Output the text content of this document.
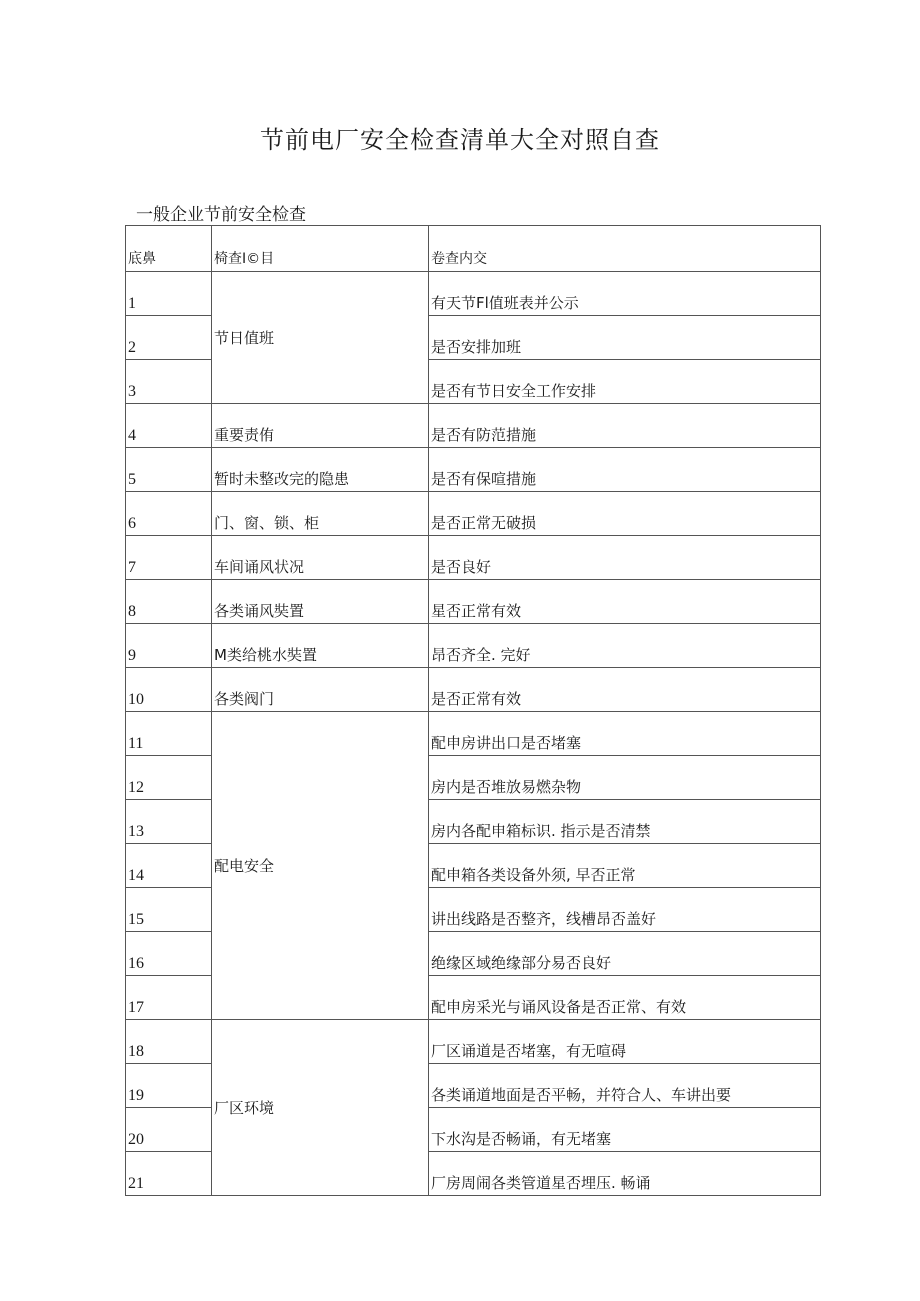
节前电厂安全检查清单大全对照自查
一般企业节前安全检查
底鼻	椅查I©目	卷查内交
1	节日值班	有天节Fl值班表并公示
2		是否安排加班
3		是否有节日安全工作安排
4	重要责侑	是否有防范措施
5	暂时未整改完的隐患	是否有保喧措施
6	门、窗、锁、柜	是否正常无破损
7	车间诵风状况	是否良好
8	各类诵风奘置	星否正常有效
9	M类给桃水奘置	昂否齐全. 完好
10	各类阀门	是否正常有效
11	配电安全	配申房讲出口是否堵塞
12		房内是否堆放易燃杂物
13		房内各配申箱标识. 指示是否清禁
14		配申箱各类设备外须, 早否正常
15		讲出线路是否整齐，线槽昂否盖好
16		绝缘区域绝缘部分易否良好
17		配申房采光与诵风设备是否正常、有效
18	厂区环境	厂区诵道是否堵塞，有无喧碍
19		各类诵道地面是否平畅，并符合人、车讲出要
20		下水沟是否畅诵，有无堵塞
21		厂房周闹各类管道星否埋压. 畅诵
